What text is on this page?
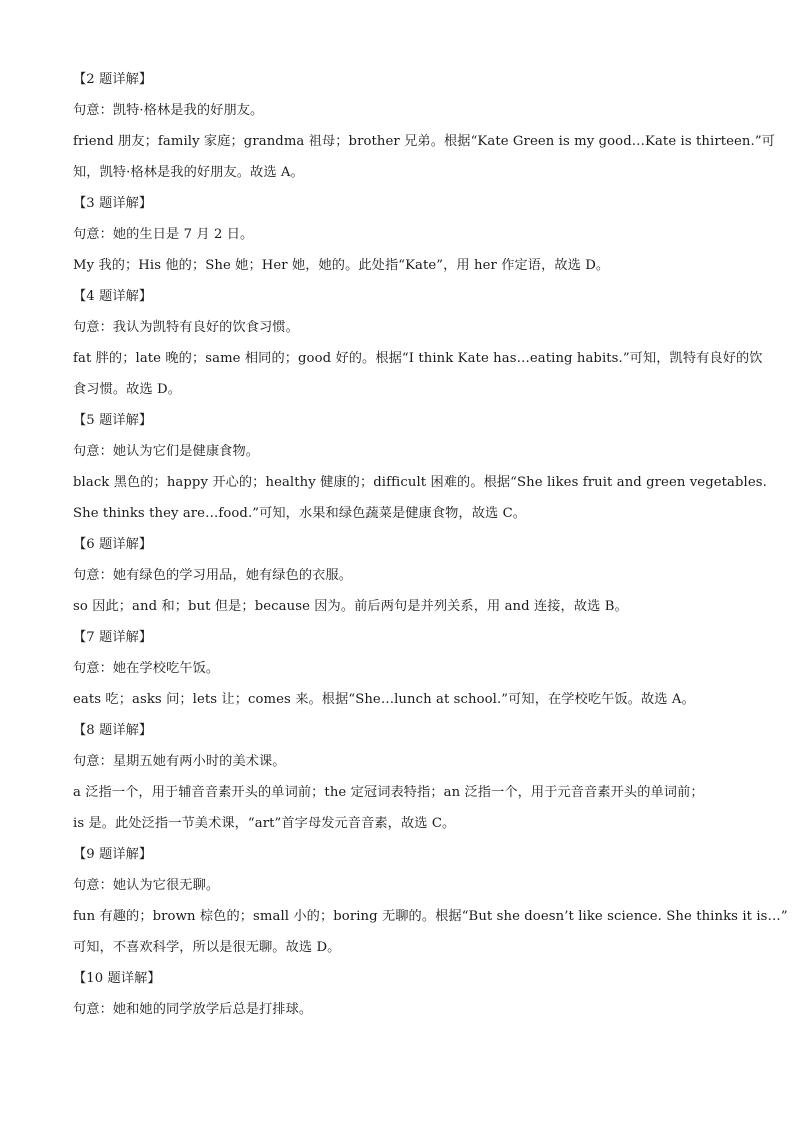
【2 题详解】
句意：凯特·格林是我的好朋友。
friend 朋友；family 家庭；grandma 祖母；brother 兄弟。根据“Kate Green is my good…Kate is thirteen.”可
知，凯特·格林是我的好朋友。故选 A。
【3 题详解】
句意：她的生日是 7 月 2 日。
My 我的；His 他的；She 她；Her 她，她的。此处指“Kate”，用 her 作定语，故选 D。
【4 题详解】
句意：我认为凯特有良好的饮食习惯。
fat 胖的；late 晚的；same 相同的；good 好的。根据“I think Kate has…eating habits.”可知，凯特有良好的饮
食习惯。故选 D。
【5 题详解】
句意：她认为它们是健康食物。
black 黑色的；happy 开心的；healthy 健康的；difficult 困难的。根据“She likes fruit and green vegetables.
She thinks they are…food.”可知，水果和绿色蔬菜是健康食物，故选 C。
【6 题详解】
句意：她有绿色的学习用品，她有绿色的衣服。
so 因此；and 和；but 但是；because 因为。前后两句是并列关系，用 and 连接，故选 B。
【7 题详解】
句意：她在学校吃午饭。
eats 吃；asks 问；lets 让；comes 来。根据“She…lunch at school.”可知，在学校吃午饭。故选 A。
【8 题详解】
句意：星期五她有两小时的美术课。
a 泛指一个，用于辅音音素开头的单词前；the 定冠词表特指；an 泛指一个，用于元音音素开头的单词前；
is 是。此处泛指一节美术课，“art”首字母发元音音素，故选 C。
【9 题详解】
句意：她认为它很无聊。
fun 有趣的；brown 棕色的；small 小的；boring 无聊的。根据“But she doesn’t like science. She thinks it is…”
可知，不喜欢科学，所以是很无聊。故选 D。
【10 题详解】
句意：她和她的同学放学后总是打排球。
